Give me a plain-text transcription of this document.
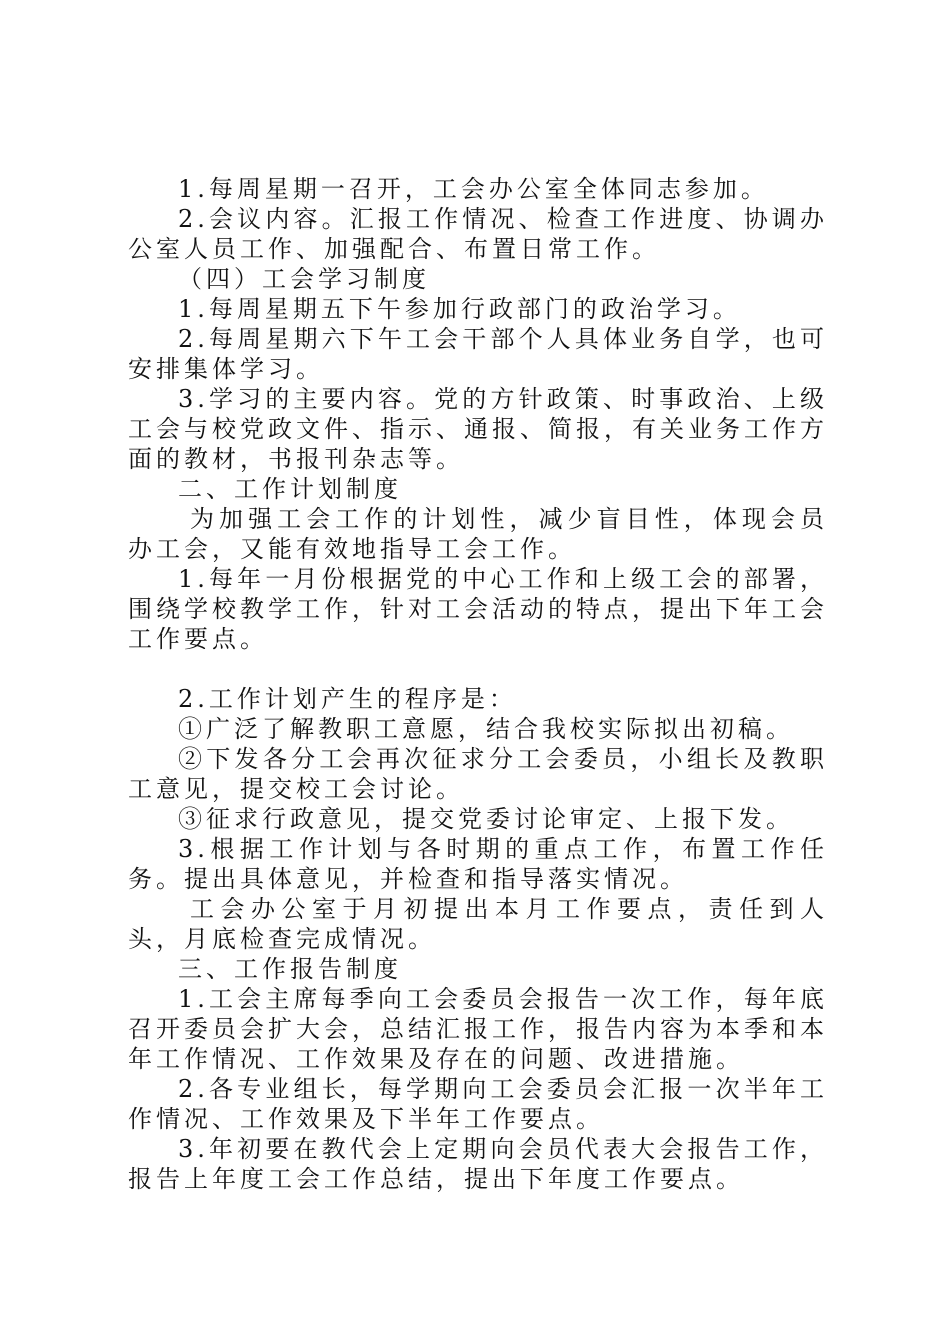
1.每周星期一召开，工会办公室全体同志参加。

2.会议内容。汇报工作情况、检查工作进度、协调办公室人员工作、加强配合、布置日常工作。

（四）工会学习制度

1.每周星期五下午参加行政部门的政治学习。

2.每周星期六下午工会干部个人具体业务自学，也可安排集体学习。

3.学习的主要内容。党的方针政策、时事政治、上级工会与校党政文件、指示、通报、简报，有关业务工作方面的教材，书报刊杂志等。

二、工作计划制度

为加强工会工作的计划性，减少盲目性，体现会员办工会，又能有效地指导工会工作。

1.每年一月份根据党的中心工作和上级工会的部署，围绕学校教学工作，针对工会活动的特点，提出下年工会工作要点。

2.工作计划产生的程序是：

①广泛了解教职工意愿，结合我校实际拟出初稿。

②下发各分工会再次征求分工会委员，小组长及教职工意见，提交校工会讨论。

③征求行政意见，提交党委讨论审定、上报下发。

3.根据工作计划与各时期的重点工作，布置工作任务。提出具体意见，并检查和指导落实情况。

工会办公室于月初提出本月工作要点，责任到人头，月底检查完成情况。

三、工作报告制度

1.工会主席每季向工会委员会报告一次工作，每年底召开委员会扩大会，总结汇报工作，报告内容为本季和本年工作情况、工作效果及存在的问题、改进措施。

2.各专业组长，每学期向工会委员会汇报一次半年工作情况、工作效果及下半年工作要点。

3.年初要在教代会上定期向会员代表大会报告工作，报告上年度工会工作总结，提出下年度工作要点。
